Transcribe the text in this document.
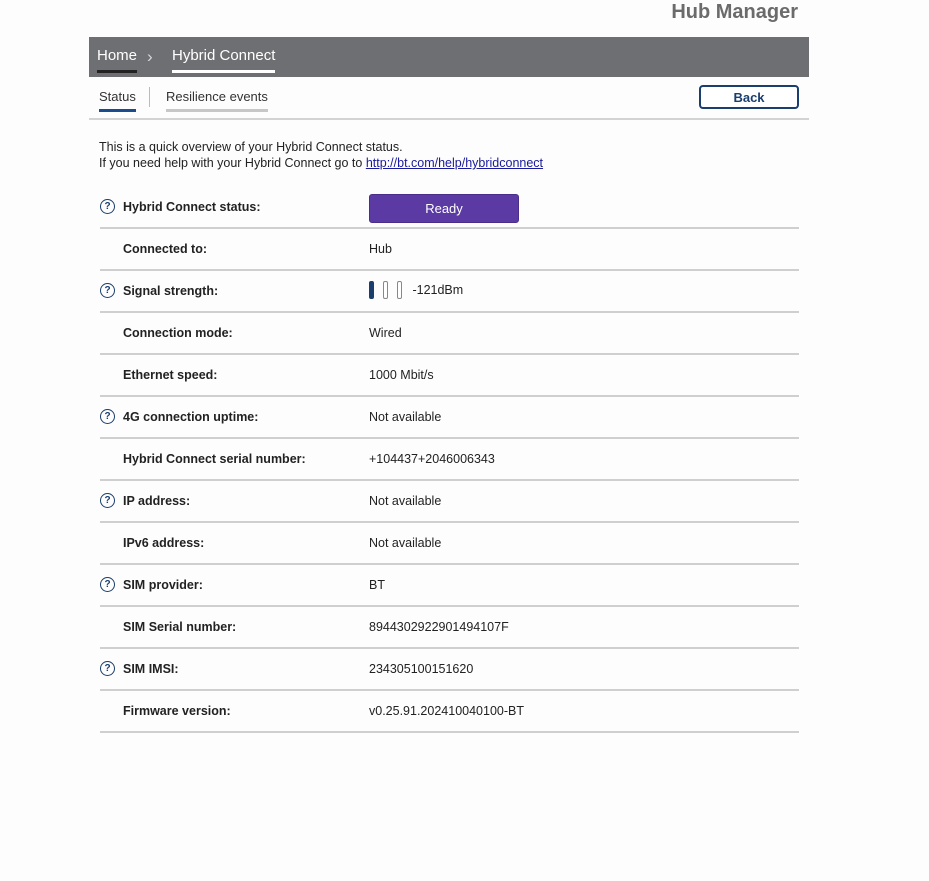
Hub Manager
Home › Hybrid Connect
Status Resilience events	Back
This is a quick overview of your Hybrid Connect status.
If you need help with your Hybrid Connect go to http://bt.com/help/hybridconnect
? Hybrid Connect status:	Ready
Connected to:	Hub
? Signal strength:	-121dBm
Connection mode:	Wired
Ethernet speed:	1000 Mbit/s
? 4G connection uptime:	Not available
Hybrid Connect serial number:	+104437+2046006343
? IP address:	Not available
IPv6 address:	Not available
? SIM provider:	BT
SIM Serial number:	8944302922901494107F
? SIM IMSI:	234305100151620
Firmware version:	v0.25.91.202410040100-BT
